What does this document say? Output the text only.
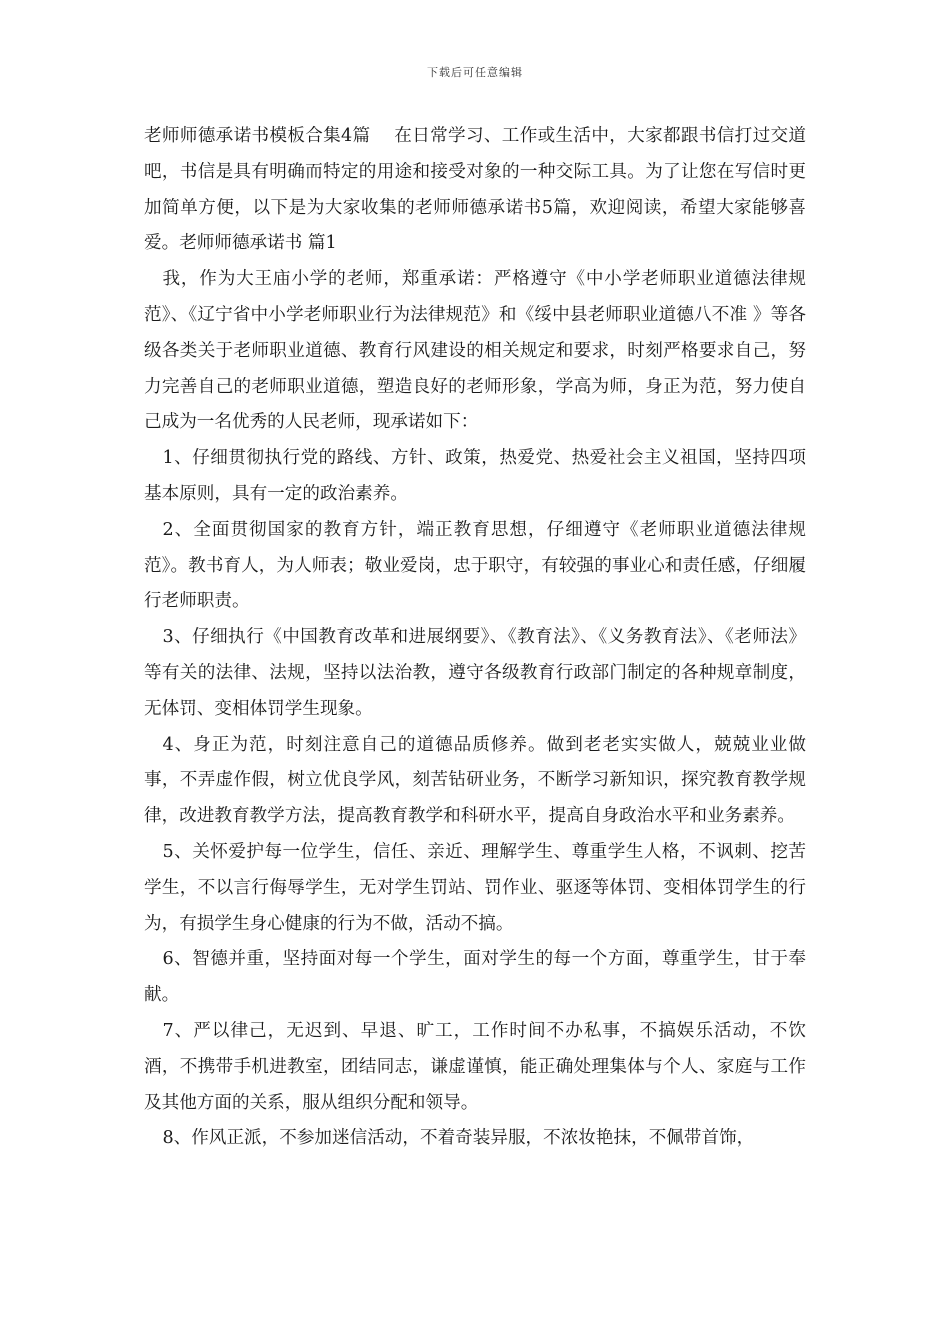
下载后可任意编辑

老师师德承诺书模板合集4篇　 在日常学习、工作或生活中，大家都跟书信打过交道吧，书信是具有明确而特定的用途和接受对象的一种交际工具。为了让您在写信时更加简单方便，以下是为大家收集的老师师德承诺书5篇，欢迎阅读，希望大家能够喜爱。老师师德承诺书 篇1

我，作为大王庙小学的老师，郑重承诺：严格遵守《中小学老师职业道德法律规范》、《辽宁省中小学老师职业行为法律规范》和《绥中县老师职业道德八不准 》等各级各类关于老师职业道德、教育行风建设的相关规定和要求，时刻严格要求自己，努力完善自己的老师职业道德，塑造良好的老师形象，学高为师，身正为范，努力使自己成为一名优秀的人民老师，现承诺如下：

1、仔细贯彻执行党的路线、方针、政策，热爱党、热爱社会主义祖国，坚持四项基本原则，具有一定的政治素养。

2、全面贯彻国家的教育方针，端正教育思想，仔细遵守《老师职业道德法律规范》。教书育人，为人师表；敬业爱岗，忠于职守，有较强的事业心和责任感，仔细履行老师职责。

3、仔细执行《中国教育改革和进展纲要》、《教育法》、《义务教育法》、《老师法》等有关的法律、法规，坚持以法治教，遵守各级教育行政部门制定的各种规章制度，无体罚、变相体罚学生现象。

4、身正为范，时刻注意自己的道德品质修养。做到老老实实做人，兢兢业业做事，不弄虚作假，树立优良学风，刻苦钻研业务，不断学习新知识，探究教育教学规律，改进教育教学方法，提高教育教学和科研水平，提高自身政治水平和业务素养。

5、关怀爱护每一位学生，信任、亲近、理解学生、尊重学生人格，不讽刺、挖苦学生，不以言行侮辱学生，无对学生罚站、罚作业、驱逐等体罚、变相体罚学生的行为，有损学生身心健康的行为不做，活动不搞。

6、智德并重，坚持面对每一个学生，面对学生的每一个方面，尊重学生，甘于奉献。

7、严以律己，无迟到、早退、旷工，工作时间不办私事，不搞娱乐活动，不饮酒，不携带手机进教室，团结同志，谦虚谨慎，能正确处理集体与个人、家庭与工作及其他方面的关系，服从组织分配和领导。

8、作风正派，不参加迷信活动，不着奇装异服，不浓妆艳抹，不佩带首饰，
